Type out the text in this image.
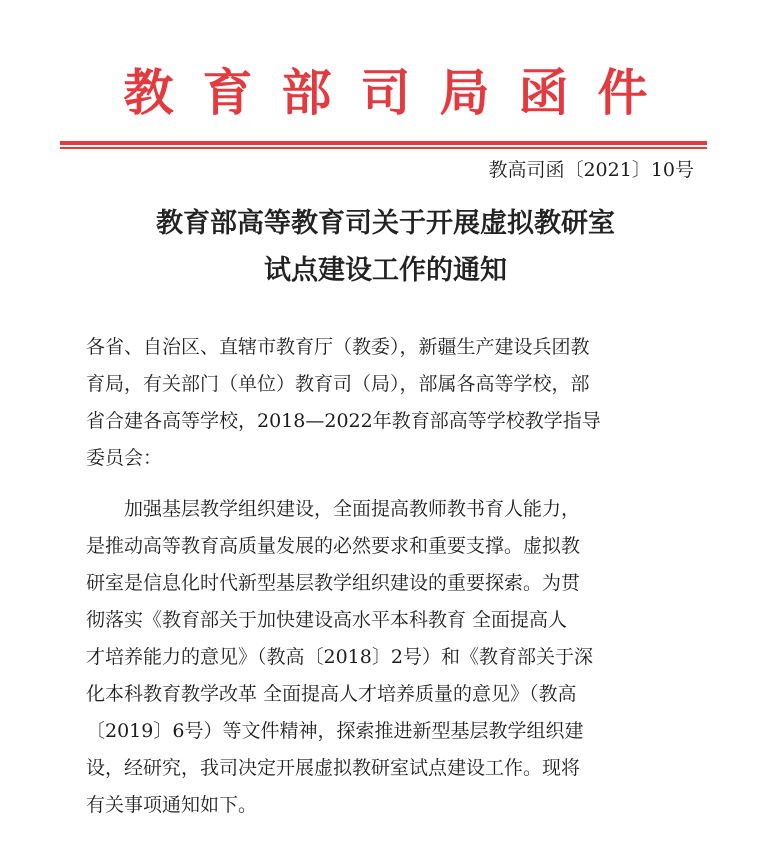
教育部司局函件
教高司函〔2021〕10号
教育部高等教育司关于开展虚拟教研室
试点建设工作的通知

各省、自治区、直辖市教育厅（教委），新疆生产建设兵团教
育局，有关部门（单位）教育司（局），部属各高等学校，部
省合建各高等学校，2018—2022年教育部高等学校教学指导
委员会：

　　加强基层教学组织建设，全面提高教师教书育人能力，
是推动高等教育高质量发展的必然要求和重要支撑。虚拟教
研室是信息化时代新型基层教学组织建设的重要探索。为贯
彻落实《教育部关于加快建设高水平本科教育 全面提高人
才培养能力的意见》（教高〔2018〕2号）和《教育部关于深
化本科教育教学改革 全面提高人才培养质量的意见》（教高
〔2019〕6号）等文件精神，探索推进新型基层教学组织建
设，经研究，我司决定开展虚拟教研室试点建设工作。现将
有关事项通知如下。
